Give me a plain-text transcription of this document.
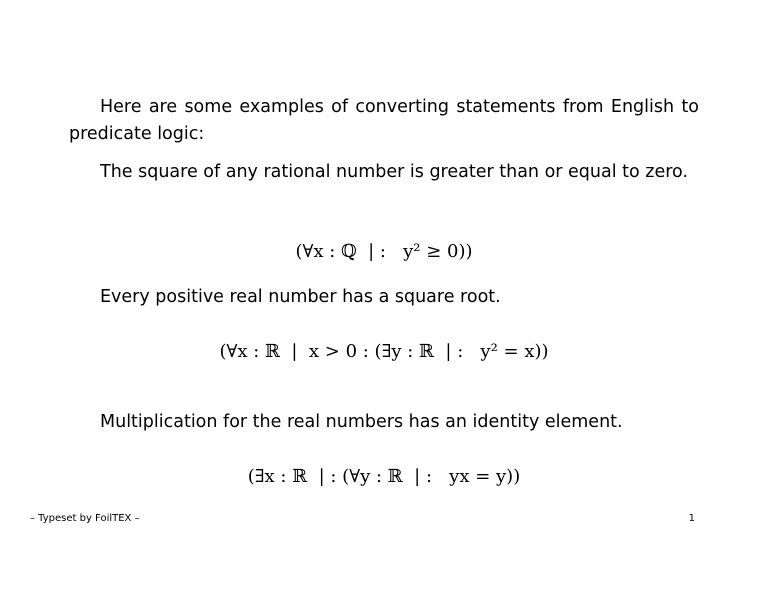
Here are some examples of converting statements from English to predicate logic:
The square of any rational number is greater than or equal to zero.
(∀x : ℚ  | :   y² ≥ 0))
Every positive real number has a square root.
(∀x : ℝ  |  x > 0 : (∃y : ℝ  | :   y² = x))
Multiplication for the real numbers has an identity element.
(∃x : ℝ  | : (∀y : ℝ  | :   yx = y))
– Typeset by FoilTEX –	1
